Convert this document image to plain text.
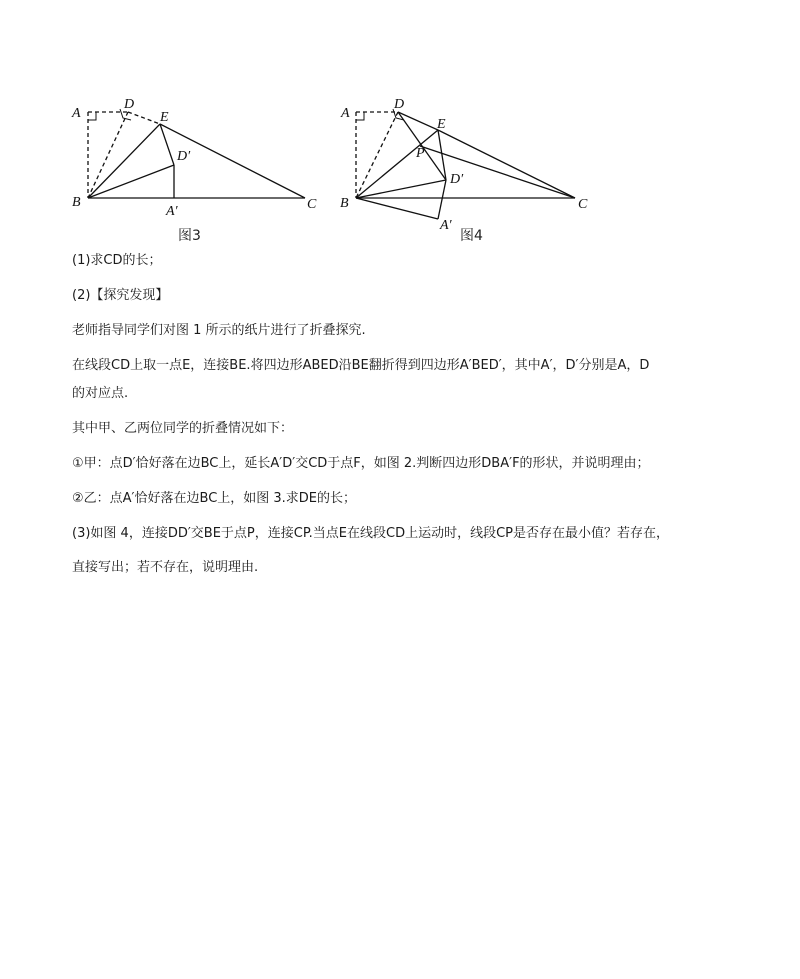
A
D
E
D′
B
A′	C
图3
A
D
E
P
D′
B
A′
C
图4

(1)求CD的长；

(2)【探究发现】

老师指导同学们对图 1 所示的纸片进行了折叠探究.

在线段CD上取一点E，连接BE.将四边形ABED沿BE翻折得到四边形A′BED′，其中A′，D′分别是A，D

的对应点.

其中甲、乙两位同学的折叠情况如下：

①甲：点D′恰好落在边BC上，延长A′D′交CD于点F，如图 2.判断四边形DBA′F的形状，并说明理由；

②乙：点A′恰好落在边BC上，如图 3.求DE的长；

(3)如图 4，连接DD′交BE于点P，连接CP.当点E在线段CD上运动时，线段CP是否存在最小值？若存在，

直接写出；若不存在，说明理由.
